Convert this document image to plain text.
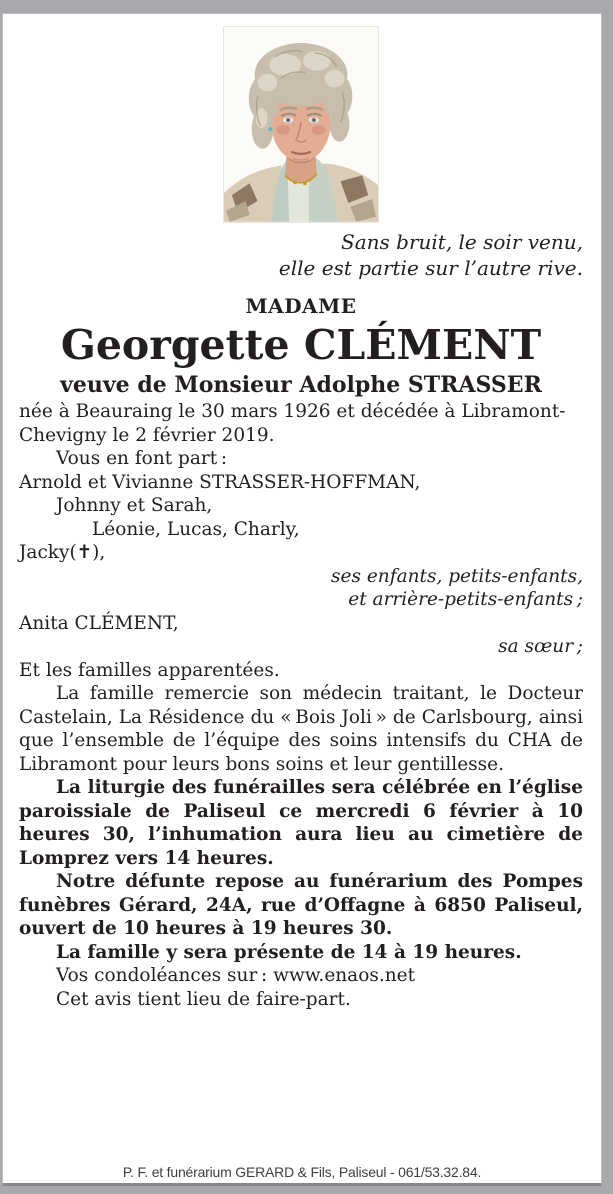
Sans bruit, le soir venu,
elle est partie sur l’autre rive.
MADAME
Georgette CLÉMENT
veuve de Monsieur Adolphe STRASSER

née à Beauraing le 30 mars 1926 et décédée à Libramont-Chevigny le 2 février 2019.

Vous en font part :

Arnold et Vivianne STRASSER-HOFFMAN,

Johnny et Sarah,

Léonie, Lucas, Charly,

Jacky(✝),

ses enfants, petits-enfants,

et arrière-petits-enfants ;

Anita CLÉMENT,

sa sœur ;

Et les familles apparentées.

La famille remercie son médecin traitant, le Docteur Castelain, La Résidence du « Bois Joli » de Carlsbourg, ainsi que l’ensemble de l’équipe des soins intensifs du CHA de Libramont pour leurs bons soins et leur gentillesse.

La liturgie des funérailles sera célébrée en l’église paroissiale de Paliseul ce mercredi 6 février à 10 heures 30, l’inhumation aura lieu au cimetière de Lomprez vers 14 heures.

Notre défunte repose au funérarium des Pompes funèbres Gérard, 24A, rue d’Offagne à 6850 Paliseul, ouvert de 10 heures à 19 heures 30.

La famille y sera présente de 14 à 19 heures.

Vos condoléances sur : www.enaos.net

Cet avis tient lieu de faire-part.

P. F. et funérarium GERARD & Fils, Paliseul - 061/53.32.84.
